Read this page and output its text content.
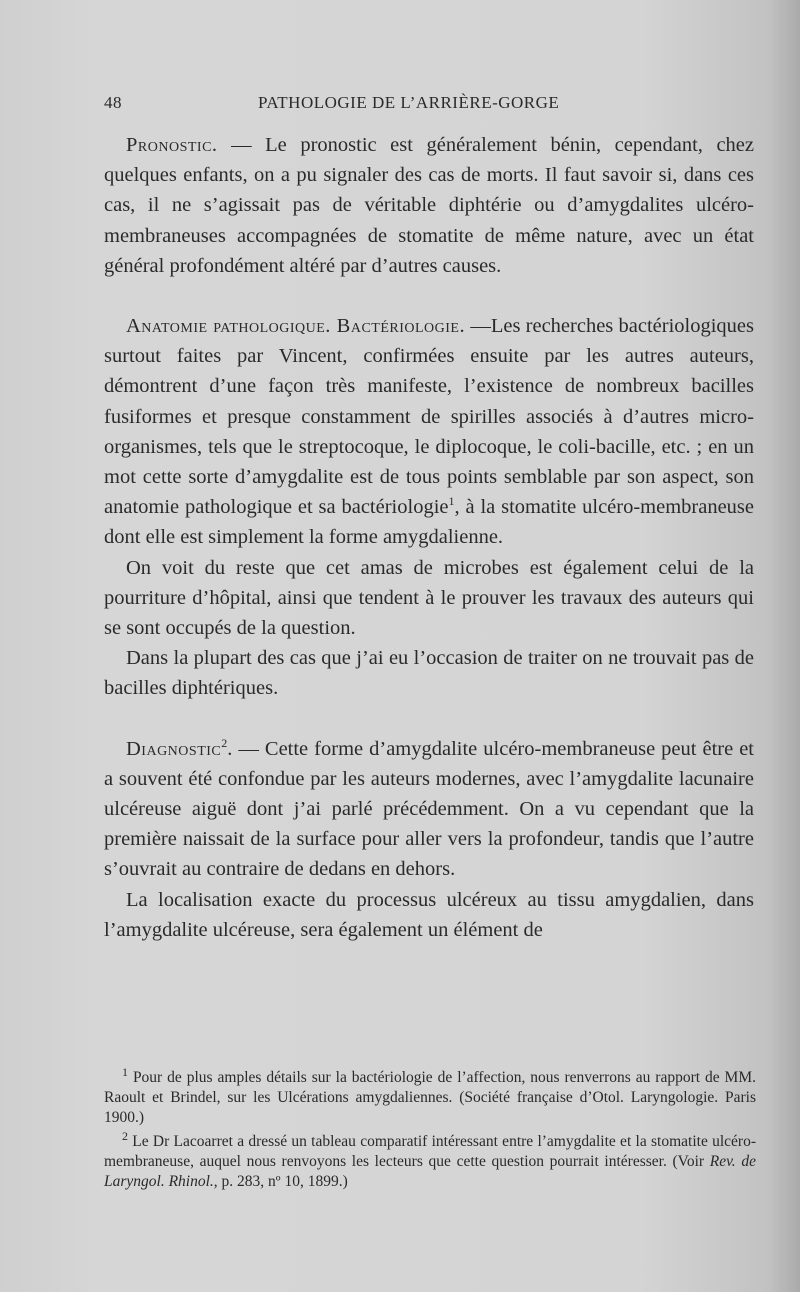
48	PATHOLOGIE DE L’ARRIÈRE-GORGE

Pronostic. — Le pronostic est généralement bénin, cependant, chez quelques enfants, on a pu signaler des cas de morts. Il faut savoir si, dans ces cas, il ne s’agissait pas de véritable diphtérie ou d’amygdalites ulcéro-membraneuses accompagnées de stomatite de même nature, avec un état général profondément altéré par d’autres causes.

Anatomie pathologique. Bactériologie. —Les recherches bactériologiques surtout faites par Vincent, confirmées ensuite par les autres auteurs, démontrent d’une façon très manifeste, l’existence de nombreux bacilles fusiformes et presque constamment de spirilles associés à d’autres micro-organismes, tels que le streptocoque, le diplocoque, le coli-bacille, etc. ; en un mot cette sorte d’amygdalite est de tous points semblable par son aspect, son anatomie pathologique et sa bactériologie$^1$, à la stomatite ulcéro-membraneuse dont elle est simplement la forme amygdalienne.

On voit du reste que cet amas de microbes est également celui de la pourriture d’hôpital, ainsi que tendent à le prouver les travaux des auteurs qui se sont occupés de la question.

Dans la plupart des cas que j’ai eu l’occasion de traiter on ne trouvait pas de bacilles diphtériques.

Diagnostic$^2$. — Cette forme d’amygdalite ulcéro-membraneuse peut être et a souvent été confondue par les auteurs modernes, avec l’amygdalite lacunaire ulcéreuse aiguë dont j’ai parlé précédemment. On a vu cependant que la première naissait de la surface pour aller vers la profondeur, tandis que l’autre s’ouvrait au contraire de dedans en dehors.

La localisation exacte du processus ulcéreux au tissu amygdalien, dans l’amygdalite ulcéreuse, sera également un élément de

$^1$ Pour de plus amples détails sur la bactériologie de l’affection, nous renverrons au rapport de MM. Raoult et Brindel, sur les Ulcérations amygdaliennes. (Société française d’Otol. Laryngologie. Paris 1900.)

$^2$ Le Dr Lacoarret a dressé un tableau comparatif intéressant entre l’amygdalite et la stomatite ulcéro-membraneuse, auquel nous renvoyons les lecteurs que cette question pourrait intéresser. (Voir Rev. de Laryngol. Rhinol., p. 283, nº 10, 1899.)
